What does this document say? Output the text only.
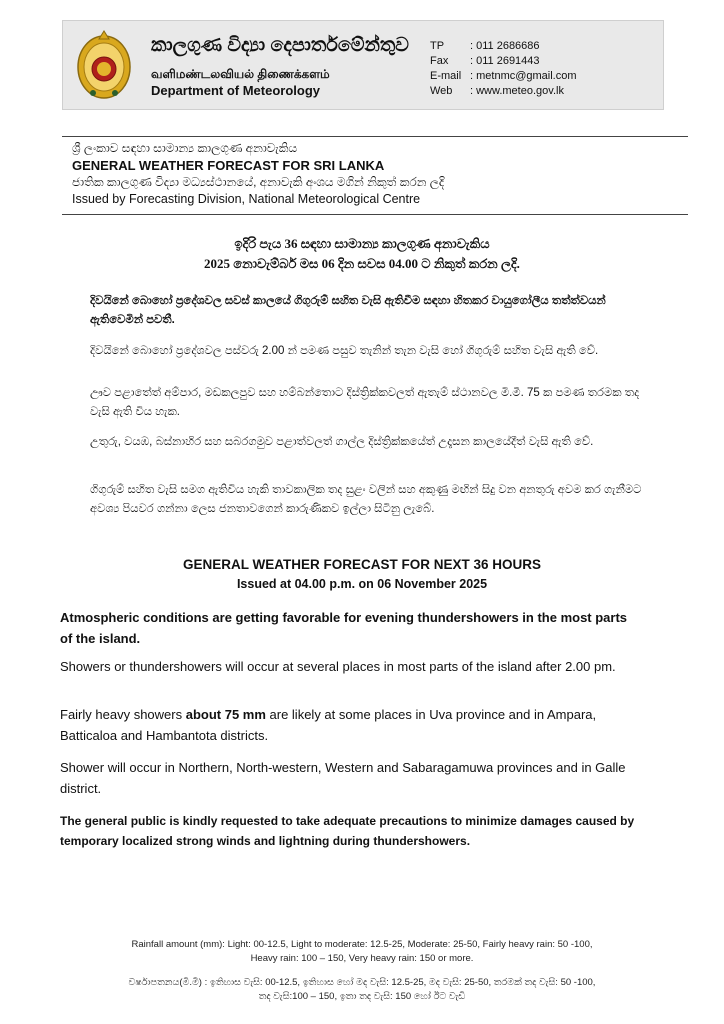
කාලගුණ විද්‍යා දෙපාර්තමේන්තුව
வளிமண்டலவியல் திணைக்களம்
Department of Meteorology
TP	: 011 2686686
Fax	: 011 2691443
E-mail : metnmc@gmail.com
Web	: www.meteo.gov.lk
ශ්‍රී ලංකාව සඳහා සාමාන්‍ය කාලගුණ අනාවැකිය
GENERAL WEATHER FORECAST FOR SRI LANKA
ජාතික කාලගුණ විද්‍යා මධ්‍යස්ථානයේ, අනාවැකි අංශය මගින් නිකුත් කරන ලදි
Issued by Forecasting Division, National Meteorological Centre
ඉදිරි පැය 36 සඳහා සාමාන්‍ය කාලගුණ අනාවැකිය
2025 නොවැම්බර් මස 06 දින සවස 04.00 ට නිකුත් කරන ලදි.
දිවයිනේ බොහෝ ප්‍රදේශවල සවස් කාලයේ ගිගුරුම් සහිත වැසි ඇතිවීම සඳහා හිතකර වායුගෝලීය තත්ත්වයන් ඇතිවෙමින් පවතී.
දිවයිනේ බොහෝ ප්‍රදේශවල පස්වරු 2.00 න් පමණ පසුව තැනින් තැන වැසි හෝ ගිගුරුම් සහිත වැසි ඇති වේ.
ඌව පළාතේත් අම්පාර, මඩකලපුව සහ හම්බන්තොට දිස්ත්‍රික්කවලත් ඇතැම් ස්ථානවල මි.මී. 75 ක පමණ තරමක තද වැසි ඇති විය හැක.
උතුරු, වයඹ, බස්නාහිර සහ සබරගමුව පළාත්වලත් ගාල්ල දිස්ත්‍රික්කයේත් උදෑසන කාලයේදීත් වැසි ඇති වේ.
ගිගුරුම් සහිත වැසි සමග ඇතිවිය හැකි තාවකාලික තද සුළං වලින් සහ අකුණු මඟින් සිදු වන අනතුරු අවම කර ගැනීමට අවශ්‍ය පියවර ගන්නා ලෙස ජනතාවගෙන් කාරුණිකව ඉල්ලා සිටිනු ලැබේ.
GENERAL WEATHER FORECAST FOR NEXT 36 HOURS
Issued at 04.00 p.m. on 06 November 2025
Atmospheric conditions are getting favorable for evening thundershowers in the most parts of the island.
Showers or thundershowers will occur at several places in most parts of the island after 2.00 pm.
Fairly heavy showers about 75 mm are likely at some places in Uva province and in Ampara, Batticaloa and Hambantota districts.
Shower will occur in Northern, North-western, Western and Sabaragamuwa provinces and in Galle district.
The general public is kindly requested to take adequate precautions to minimize damages caused by temporary localized strong winds and lightning during thundershowers.
Rainfall amount (mm): Light: 00-12.5, Light to moderate: 12.5-25, Moderate: 25-50, Fairly heavy rain: 50 -100,
Heavy rain: 100 – 150, Very heavy rain: 150 or more.
වර්ෂාපතනය(මි.මී) : ඉතිහාස වැසි: 00-12.5, ඉතිහාස හෝ මද වැසි: 12.5-25, මද වැසි: 25-50, තරමක් තද වැසි: 50 -100,
තද වැසි:100 – 150, ඉතා තද වැසි: 150 හෝ ඊට වැඩි
